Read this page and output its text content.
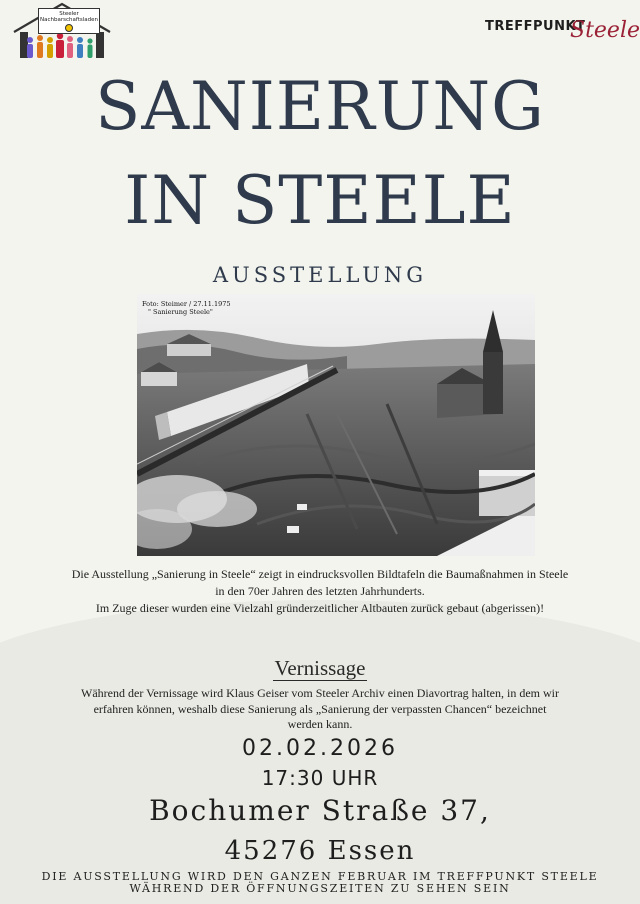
Steeler
Nachbarschaftsladen	TREFFPUNKT
Steele
SANIERUNG
IN STEELE
AUSSTELLUNG
Foto: Steimer / 27.11.1975
" Sanierung Steele"
Die Ausstellung „Sanierung in Steele“ zeigt in eindrucksvollen Bildtafeln die Baumaßnahmen in Steele
in den 70er Jahren des letzten Jahrhunderts.
Im Zuge dieser wurden eine Vielzahl gründerzeitlicher Altbauten zurück gebaut (abgerissen)!
Vernissage
Während der Vernissage wird Klaus Geiser vom Steeler Archiv einen Diavortrag halten, in dem wir
erfahren können, weshalb diese Sanierung als „Sanierung der verpassten Chancen“ bezeichnet
werden kann.
02.02.2026
17:30 UHR
Bochumer Straße 37,
45276 Essen
DIE AUSSTELLUNG WIRD DEN GANZEN FEBRUAR IM TREFFPUNKT STEELE
WÄHREND DER ÖFFNUNGSZEITEN ZU SEHEN SEIN
